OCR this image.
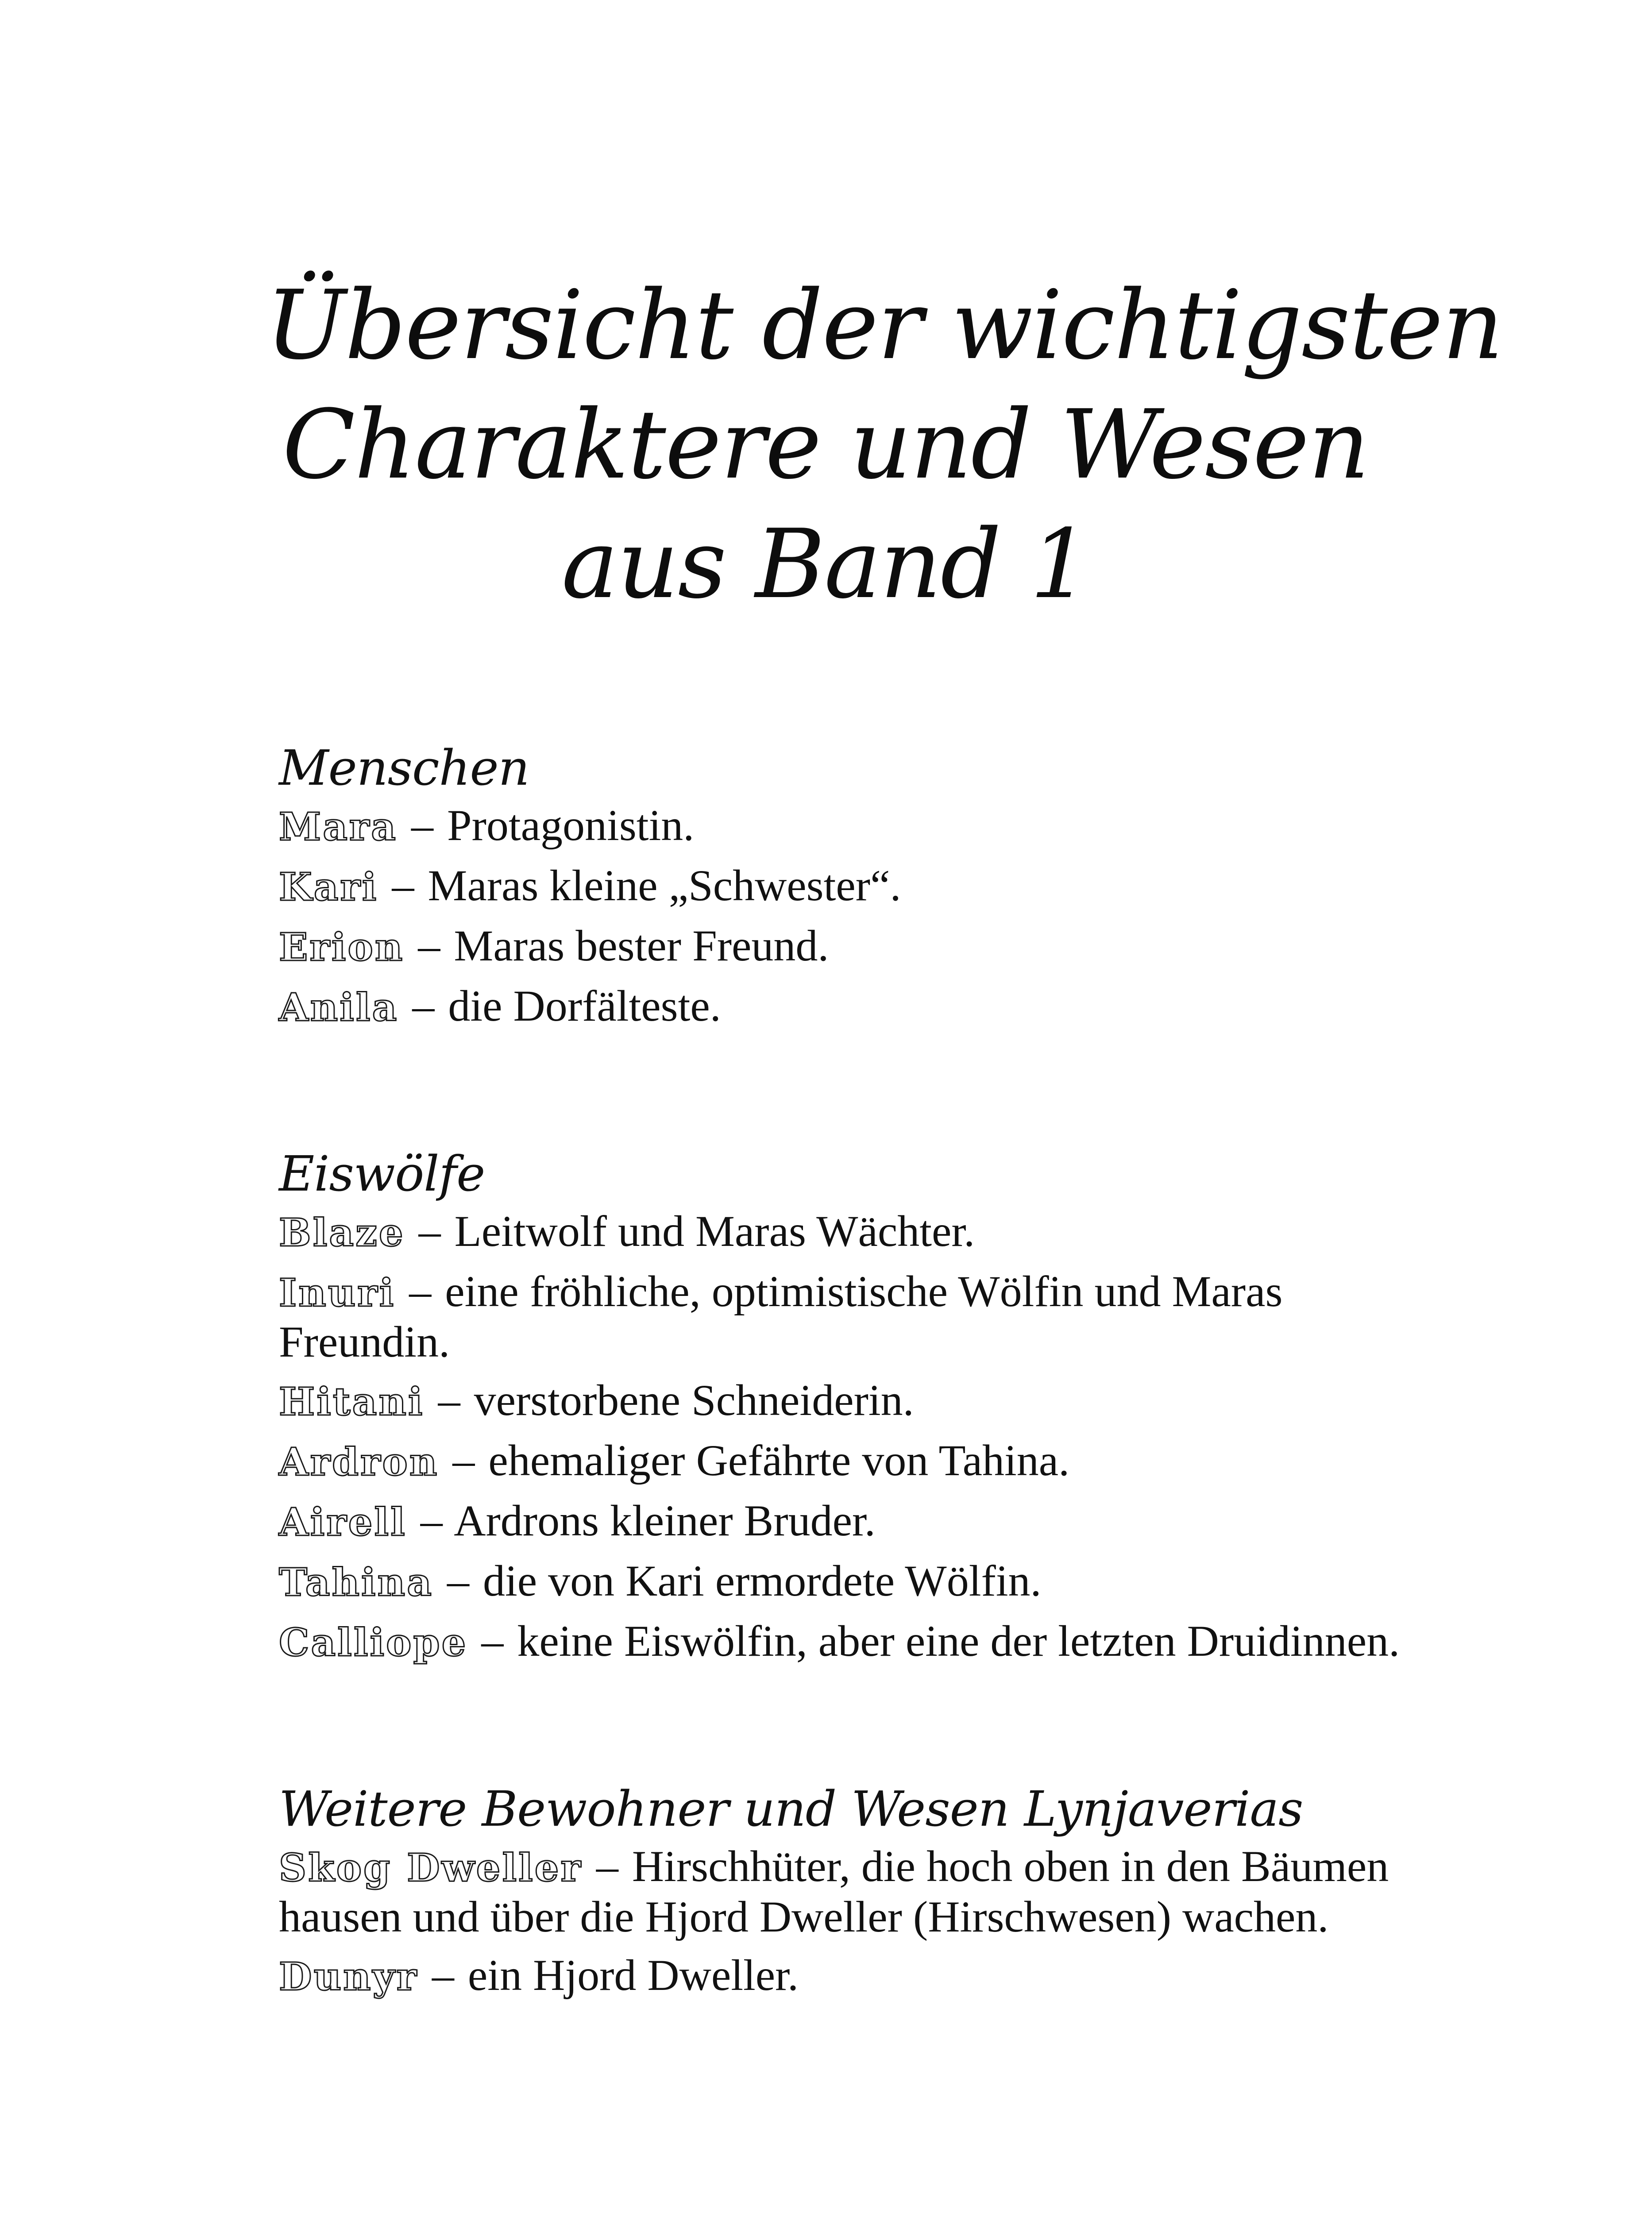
Übersicht der wichtigsten
Charaktere und Wesen
aus Band 1
Menschen

Mara – Protagonistin.

Kari – Maras kleine „Schwester“.

Erion – Maras bester Freund.

Anila – die Dorfälteste.

Eiswölfe

Blaze – Leitwolf und Maras Wächter.

Inuri – eine fröhliche, optimistische Wölfin und Maras Freundin.

Hitani – verstorbene Schneiderin.

Ardron – ehemaliger Gefährte von Tahina.

Airell – Ardrons kleiner Bruder.

Tahina – die von Kari ermordete Wölfin.

Calliope – keine Eiswölfin, aber eine der letzten Druidinnen.

Weitere Bewohner und Wesen Lynjaverias

Skog Dweller – Hirschhüter, die hoch oben in den Bäumen hausen und über die Hjord Dweller (Hirschwesen) wachen.

Dunyr – ein Hjord Dweller.
